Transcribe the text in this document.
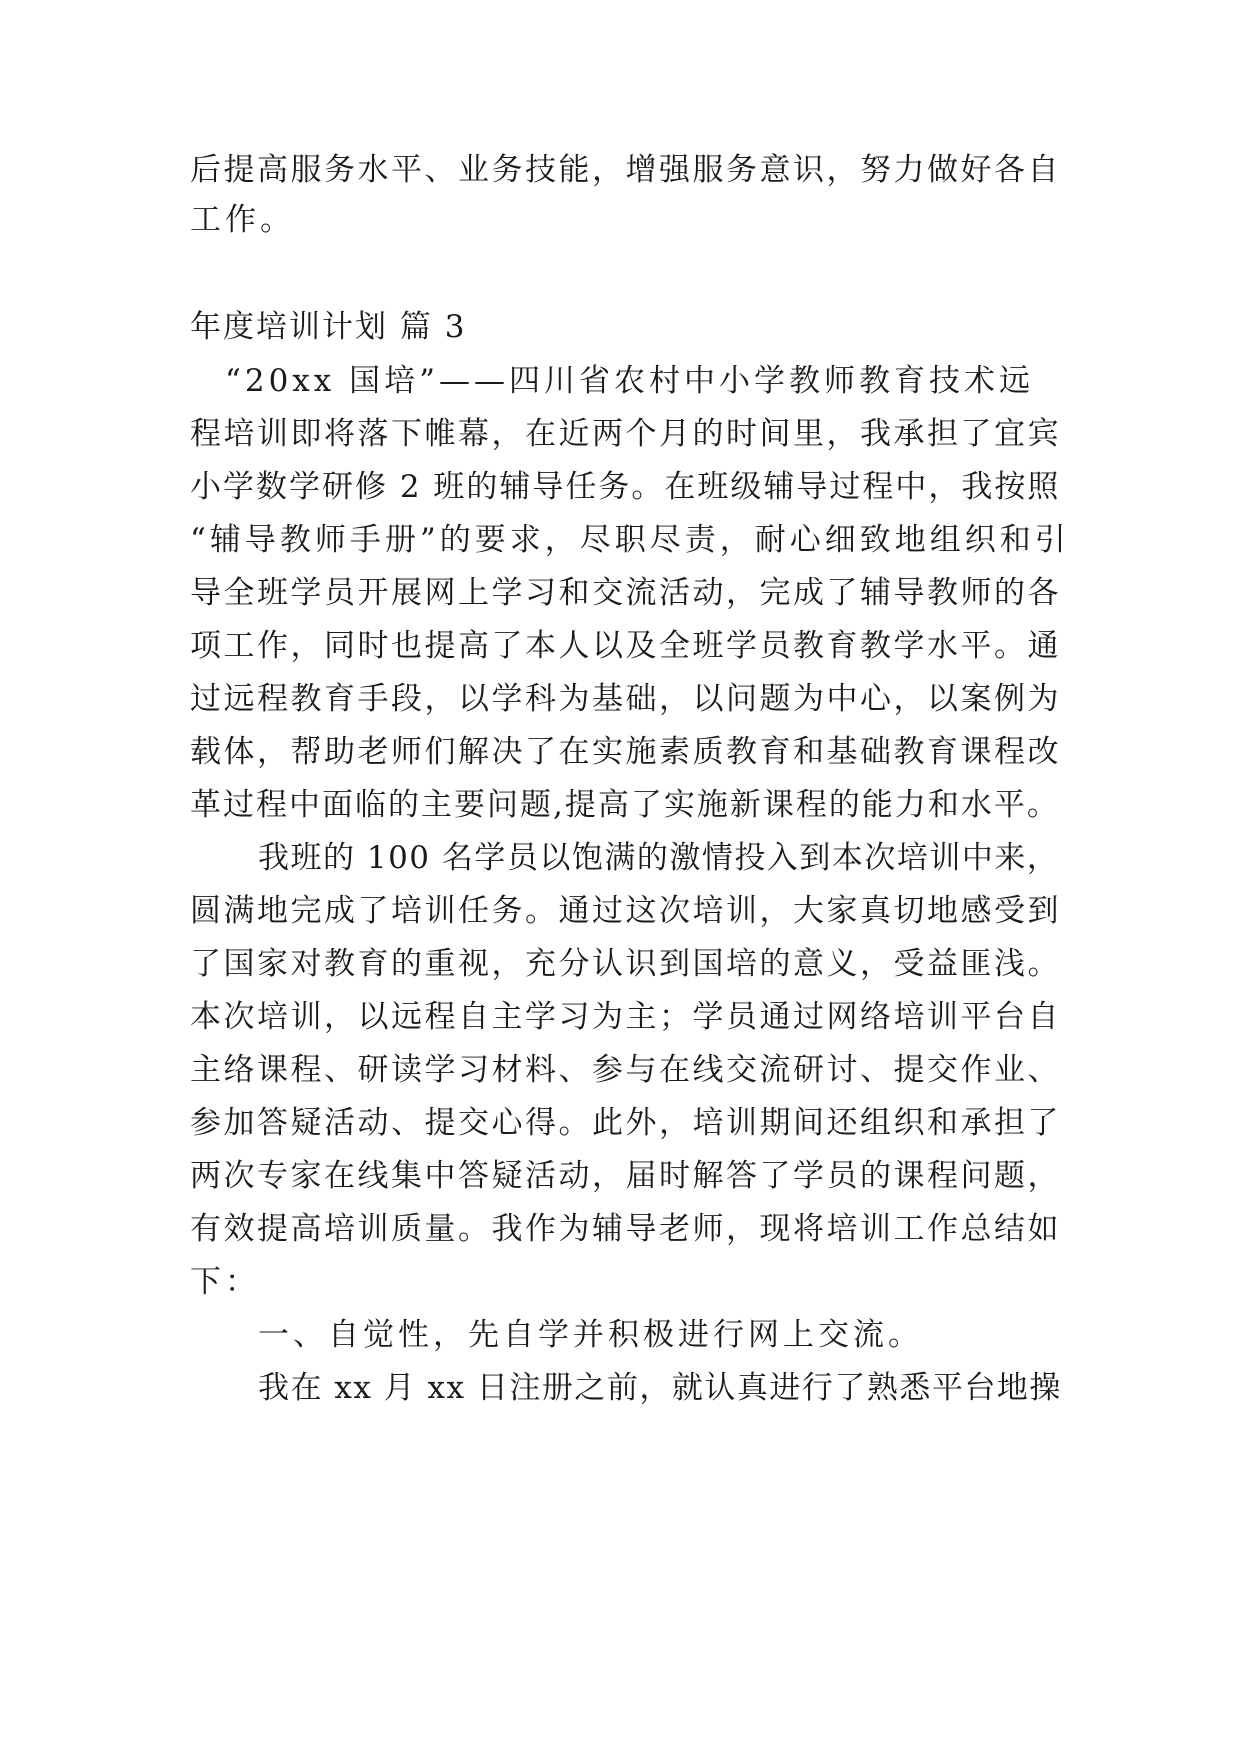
后提高服务水平、业务技能，增强服务意识，努力做好各自
工作。
年度培训计划 篇 3
“20xx 国培”——四川省农村中小学教师教育技术远
程培训即将落下帷幕，在近两个月的时间里，我承担了宜宾
小学数学研修 2 班的辅导任务。在班级辅导过程中，我按照
“辅导教师手册”的要求，尽职尽责，耐心细致地组织和引
导全班学员开展网上学习和交流活动，完成了辅导教师的各
项工作，同时也提高了本人以及全班学员教育教学水平。通
过远程教育手段，以学科为基础，以问题为中心，以案例为
载体，帮助老师们解决了在实施素质教育和基础教育课程改
革过程中面临的主要问题,提高了实施新课程的能力和水平。
我班的 100 名学员以饱满的激情投入到本次培训中来，
圆满地完成了培训任务。通过这次培训，大家真切地感受到
了国家对教育的重视，充分认识到国培的意义，受益匪浅。
本次培训，以远程自主学习为主；学员通过网络培训平台自
主络课程、研读学习材料、参与在线交流研讨、提交作业、
参加答疑活动、提交心得。此外，培训期间还组织和承担了
两次专家在线集中答疑活动，届时解答了学员的课程问题，
有效提高培训质量。我作为辅导老师，现将培训工作总结如
下：
一、自觉性，先自学并积极进行网上交流。
我在 xx 月 xx 日注册之前，就认真进行了熟悉平台地操
